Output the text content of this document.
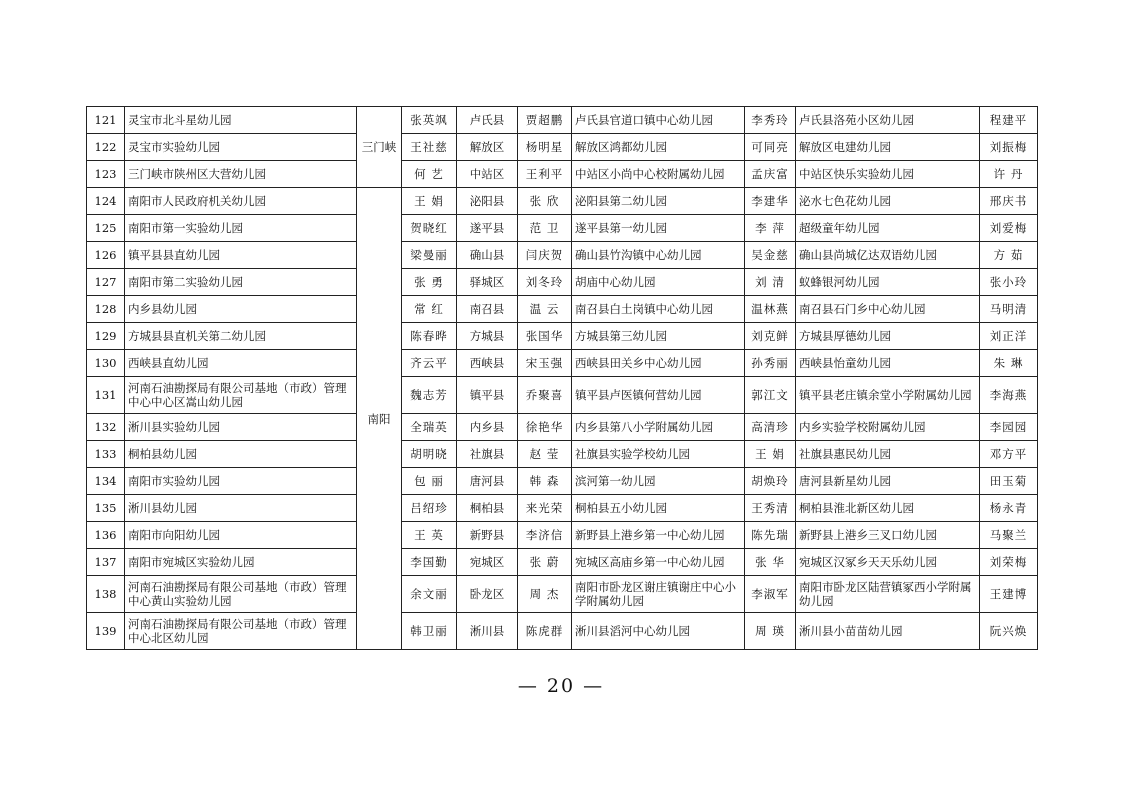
121	灵宝市北斗星幼儿园	三门峡	张英飒	卢氏县	贾超鹏	卢氏县官道口镇中心幼儿园	李秀玲	卢氏县洛苑小区幼儿园	程建平
122	灵宝市实验幼儿园		王社慈	解放区	杨明星	解放区鸿都幼儿园	可同亮	解放区电建幼儿园	刘振梅
123	三门峡市陕州区大营幼儿园		何 艺	中站区	王利平	中站区小尚中心校附属幼儿园	孟庆富	中站区快乐实验幼儿园	许 丹
124	南阳市人民政府机关幼儿园	南阳	王 娟	泌阳县	张 欣	泌阳县第二幼儿园	李建华	泌水七色花幼儿园	邢庆书
125	南阳市第一实验幼儿园		贺晓红	遂平县	范 卫	遂平县第一幼儿园	李 萍	超级童年幼儿园	刘爱梅
126	镇平县县直幼儿园		梁曼丽	确山县	闫庆贺	确山县竹沟镇中心幼儿园	吴金慈	确山县尚城亿达双语幼儿园	方 茹
127	南阳市第二实验幼儿园		张 勇	驿城区	刘冬玲	胡庙中心幼儿园	刘 清	蚁蜂银河幼儿园	张小玲
128	内乡县幼儿园		常 红	南召县	温 云	南召县白土岗镇中心幼儿园	温林燕	南召县石门乡中心幼儿园	马明清
129	方城县县直机关第二幼儿园		陈春晔	方城县	张国华	方城县第三幼儿园	刘克鲜	方城县厚德幼儿园	刘正洋
130	西峡县直幼儿园		齐云平	西峡县	宋玉强	西峡县田关乡中心幼儿园	孙秀丽	西峡县怡童幼儿园	朱 琳
131	河南石油勘探局有限公司基地（市政）管理中心中心区嵩山幼儿园		魏志芳	镇平县	乔聚喜	镇平县卢医镇何营幼儿园	郭江文	镇平县老庄镇余堂小学附属幼儿园	李海燕
132	淅川县实验幼儿园		全瑞英	内乡县	徐艳华	内乡县第八小学附属幼儿园	高清珍	内乡实验学校附属幼儿园	李园园
133	桐柏县幼儿园		胡明晓	社旗县	赵 莹	社旗县实验学校幼儿园	王 娟	社旗县惠民幼儿园	邓方平
134	南阳市实验幼儿园		包 丽	唐河县	韩 森	滨河第一幼儿园	胡焕玲	唐河县新星幼儿园	田玉菊
135	淅川县幼儿园		吕绍珍	桐柏县	来光荣	桐柏县五小幼儿园	王秀清	桐柏县淮北新区幼儿园	杨永青
136	南阳市向阳幼儿园		王 英	新野县	李济信	新野县上港乡第一中心幼儿园	陈先瑞	新野县上港乡三叉口幼儿园	马聚兰
137	南阳市宛城区实验幼儿园		李国勤	宛城区	张 蔚	宛城区高庙乡第一中心幼儿园	张 华	宛城区汉冢乡天天乐幼儿园	刘荣梅
138	河南石油勘探局有限公司基地（市政）管理中心黄山实验幼儿园		余文丽	卧龙区	周 杰	南阳市卧龙区谢庄镇谢庄中心小学附属幼儿园	李淑军	南阳市卧龙区陆营镇冢西小学附属幼儿园	王建博
139	河南石油勘探局有限公司基地（市政）管理中心北区幼儿园		韩卫丽	淅川县	陈虎群	淅川县滔河中心幼儿园	周 瑛	淅川县小苗苗幼儿园	阮兴焕
— 20 —
